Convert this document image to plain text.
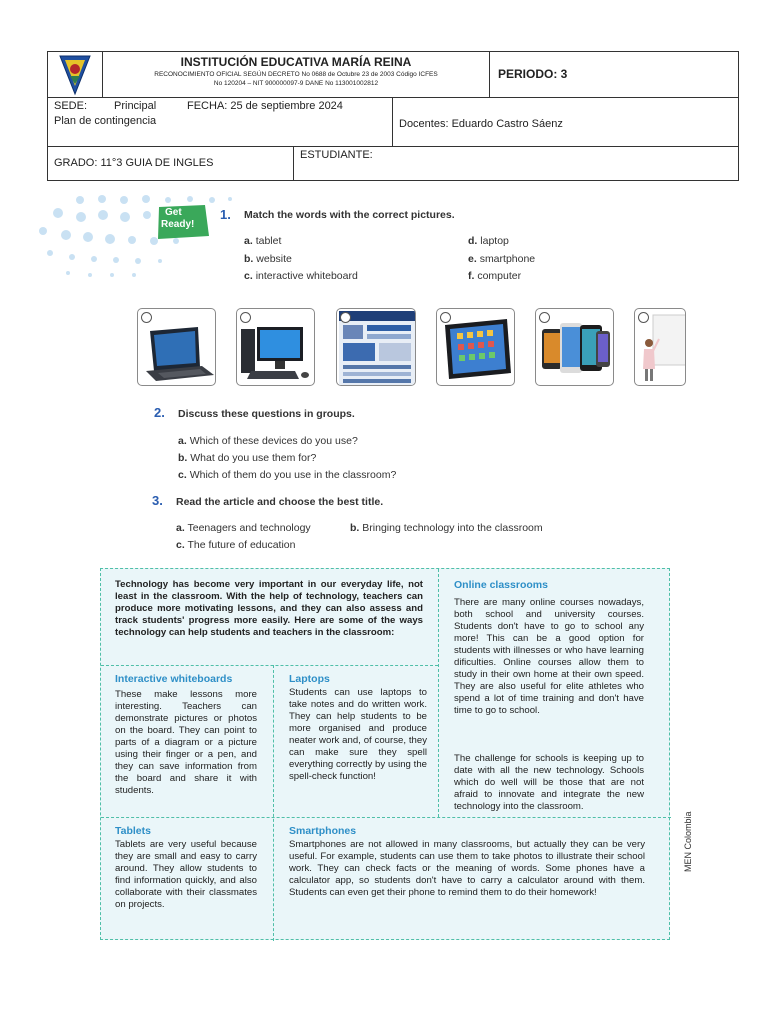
INSTITUCIÓN EDUCATIVA MARÍA REINA
RECONOCIMIENTO OFICIAL SEGÚN DECRETO No 0688 de Octubre 23 de 2003 Código ICFES
No 120204 – NIT 900000097-9 DANE No 113001002812
PERIODO: 3
SEDE: Principal	FECHA: 25 de septiembre 2024
Plan de contingencia	Docentes: Eduardo Castro Sáenz
GRADO: 11°3 GUIA DE INGLES
ESTUDIANTE:
Get
Ready!
1. Match the words with the correct pictures.
a. tablet
b. website
c. interactive whiteboard
d. laptop
e. smartphone
f. computer
2. Discuss these questions in groups.
a. Which of these devices do you use?
b. What do you use them for?
c. Which of them do you use in the classroom?
3. Read the article and choose the best title.
a. Teenagers and technology	b. Bringing technology into the classroom
c. The future of education
Technology has become very important in our everyday life, not least in the classroom. With the help of technology, teachers can produce more motivating lessons, and they can also assess and track students' progress more easily. Here are some of the ways technology can help students and teachers in the classroom:
Interactive whiteboards
These make lessons more interesting. Teachers can demonstrate pictures or photos on the board. They can point to parts of a diagram or a picture using their finger or a pen, and they can save information from the board and share it with students.
Laptops
Students can use laptops to take notes and do written work. They can help students to be more organised and produce neater work and, of course, they can make sure they spell everything correctly by using the spell-check function!
Online classrooms
There are many online courses nowadays, both school and university courses. Students don't have to go to school any more! This can be a good option for students with illnesses or who have learning dificulties. Online courses allow them to study in their own home at their own speed. They are also useful for elite athletes who spend a lot of time training and don't have time to go to school.
The challenge for schools is keeping up to date with all the new technology. Schools which do well will be those that are not afraid to innovate and integrate the new technology into the classroom.
Tablets
Tablets are very useful because they are small and easy to carry around. They allow students to find information quickly, and also collaborate with their classmates on projects.
Smartphones
Smartphones are not allowed in many classrooms, but actually they can be very useful. For example, students can use them to take photos to illustrate their school work. They can check facts or the meaning of words. Some phones have a calculator app, so students don't have to carry a calculator around with them. Students can even get their phone to remind them to do their homework!
MEN Colombia
